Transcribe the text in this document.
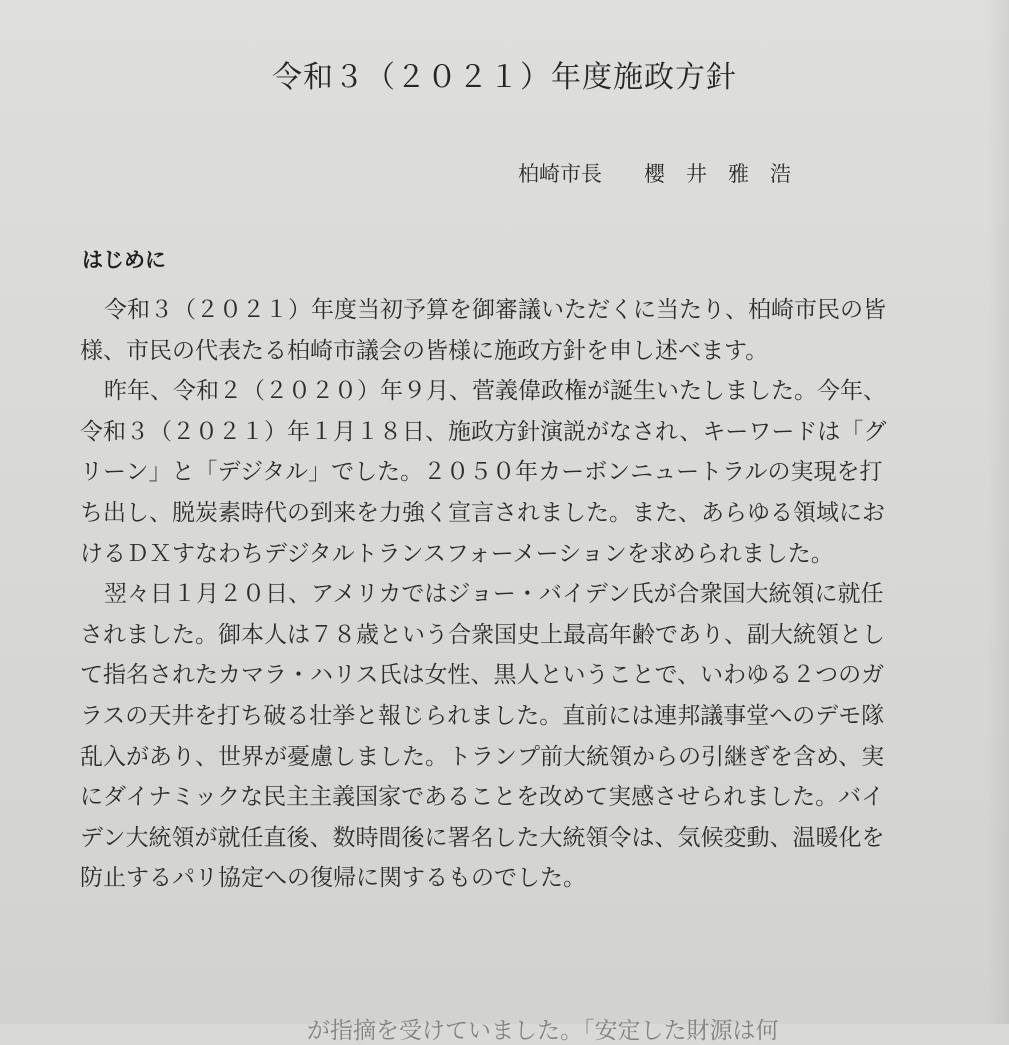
令和３（２０２１）年度施政方針
柏崎市長　　櫻　井　雅　浩
はじめに
令和３（２０２１）年度当初予算を御審議いただくに当たり、柏崎市民の皆
様、市民の代表たる柏崎市議会の皆様に施政方針を申し述べます。
昨年、令和２（２０２０）年９月、菅義偉政権が誕生いたしました。今年、
令和３（２０２１）年１月１８日、施政方針演説がなされ、キーワードは「グ
リーン」と「デジタル」でした。２０５０年カーボンニュートラルの実現を打
ち出し、脱炭素時代の到来を力強く宣言されました。また、あらゆる領域にお
けるＤＸすなわちデジタルトランスフォーメーションを求められました。
翌々日１月２０日、アメリカではジョー・バイデン氏が合衆国大統領に就任
されました。御本人は７８歳という合衆国史上最高年齢であり、副大統領とし
て指名されたカマラ・ハリス氏は女性、黒人ということで、いわゆる２つのガ
ラスの天井を打ち破る壮挙と報じられました。直前には連邦議事堂へのデモ隊
乱入があり、世界が憂慮しました。トランプ前大統領からの引継ぎを含め、実
にダイナミックな民主主義国家であることを改めて実感させられました。バイ
デン大統領が就任直後、数時間後に署名した大統領令は、気候変動、温暖化を
防止するパリ協定への復帰に関するものでした。
　　　　　　　　　が指摘を受けていました。「安定した財源は何
